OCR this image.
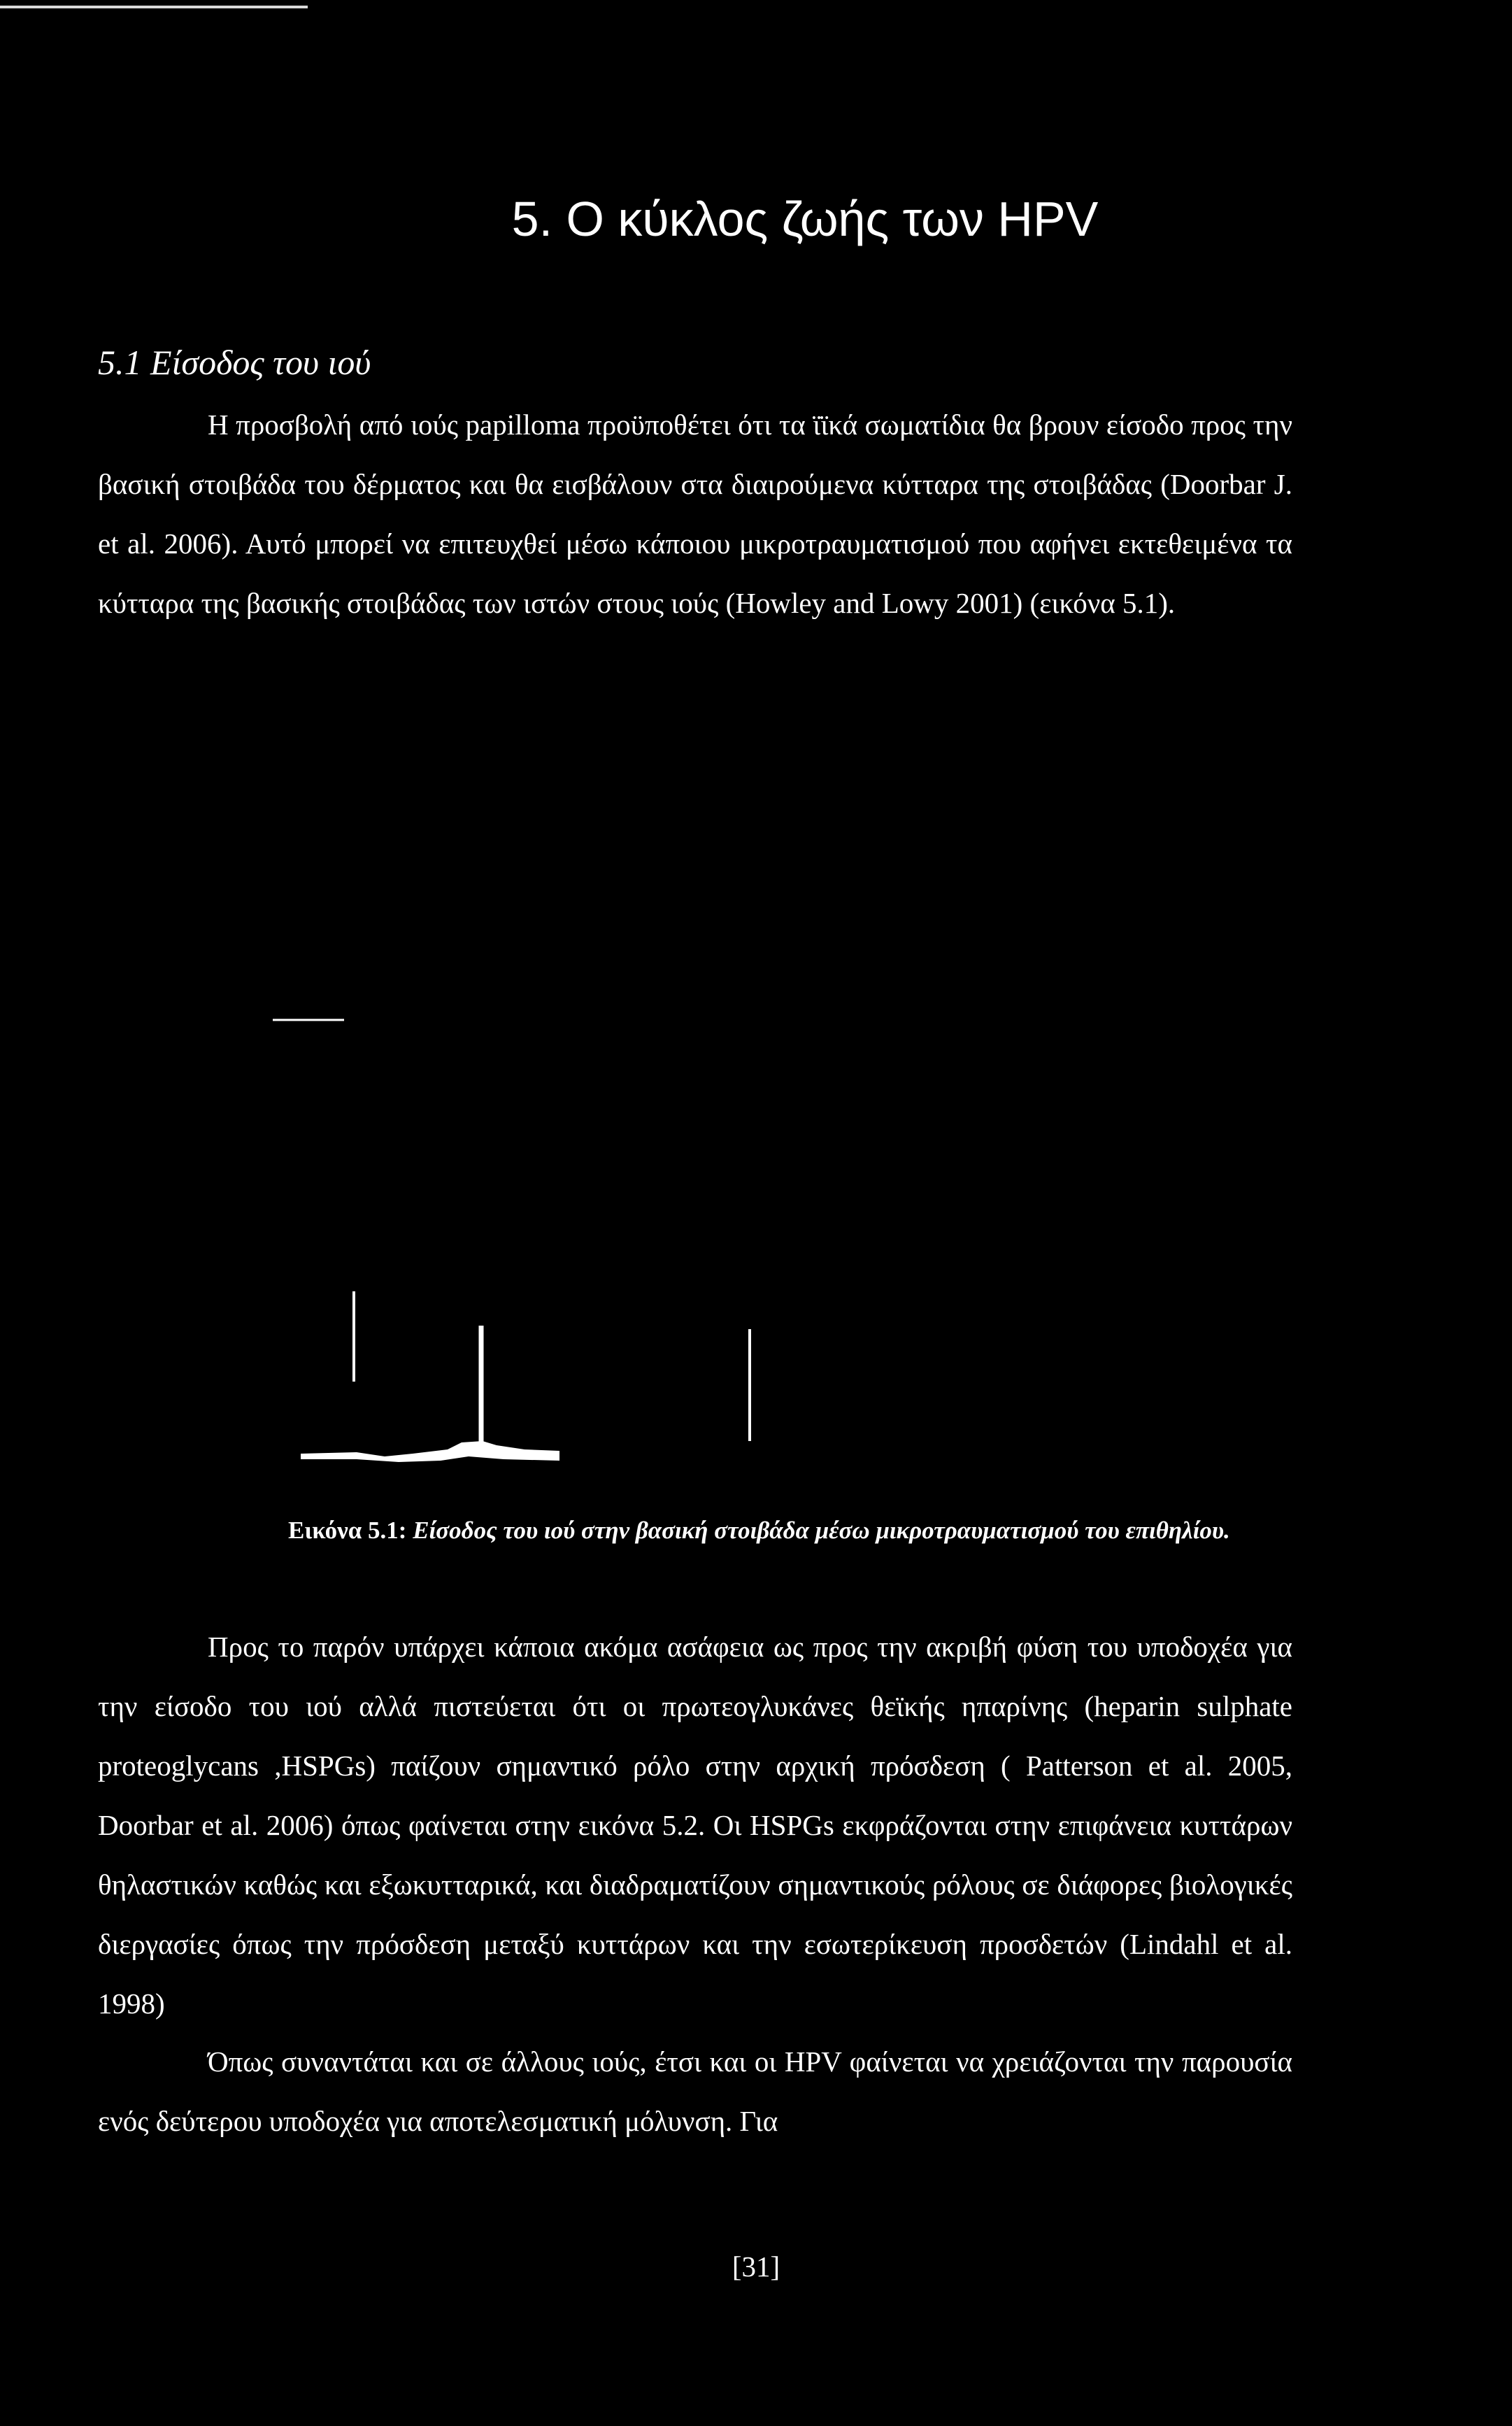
5. Ο κύκλος ζωής των HPV
5.1 Είσοδος του ιού

Η προσβολή από ιούς papilloma προϋποθέτει ότι τα ϊϊκά σωματίδια θα βρουν είσοδο προς την βασική στοιβάδα του δέρματος και θα εισβάλουν στα διαιρούμενα κύτταρα της στοιβάδας (Doorbar J. et al. 2006). Αυτό μπορεί να επιτευχθεί μέσω κάποιου μικροτραυματισμού που αφήνει εκτεθειμένα τα κύτταρα της βασικής στοιβάδας των ιστών στους ιούς (Howley and Lowy 2001) (εικόνα 5.1).

Εικόνα 5.1: Είσοδος του ιού στην βασική στοιβάδα μέσω μικροτραυματισμού του επιθηλίου.

Προς το παρόν υπάρχει κάποια ακόμα ασάφεια ως προς την ακριβή φύση του υποδοχέα για την είσοδο του ιού αλλά πιστεύεται ότι οι πρωτεογλυκάνες θεϊκής ηπαρίνης (heparin sulphate proteoglycans ,HSPGs) παίζουν σημαντικό ρόλο στην αρχική πρόσδεση ( Patterson et al. 2005, Doorbar et al. 2006) όπως φαίνεται στην εικόνα 5.2. Οι HSPGs εκφράζονται στην επιφάνεια κυττάρων θηλαστικών καθώς και εξωκυτταρικά, και διαδραματίζουν σημαντικούς ρόλους σε διάφορες βιολογικές διεργασίες όπως την πρόσδεση μεταξύ κυττάρων και την εσωτερίκευση προσδετών (Lindahl et al. 1998)

Όπως συναντάται και σε άλλους ιούς, έτσι και οι HPV φαίνεται να χρειάζονται την παρουσία ενός δεύτερου υποδοχέα για αποτελεσματική μόλυνση. Για

[31]
